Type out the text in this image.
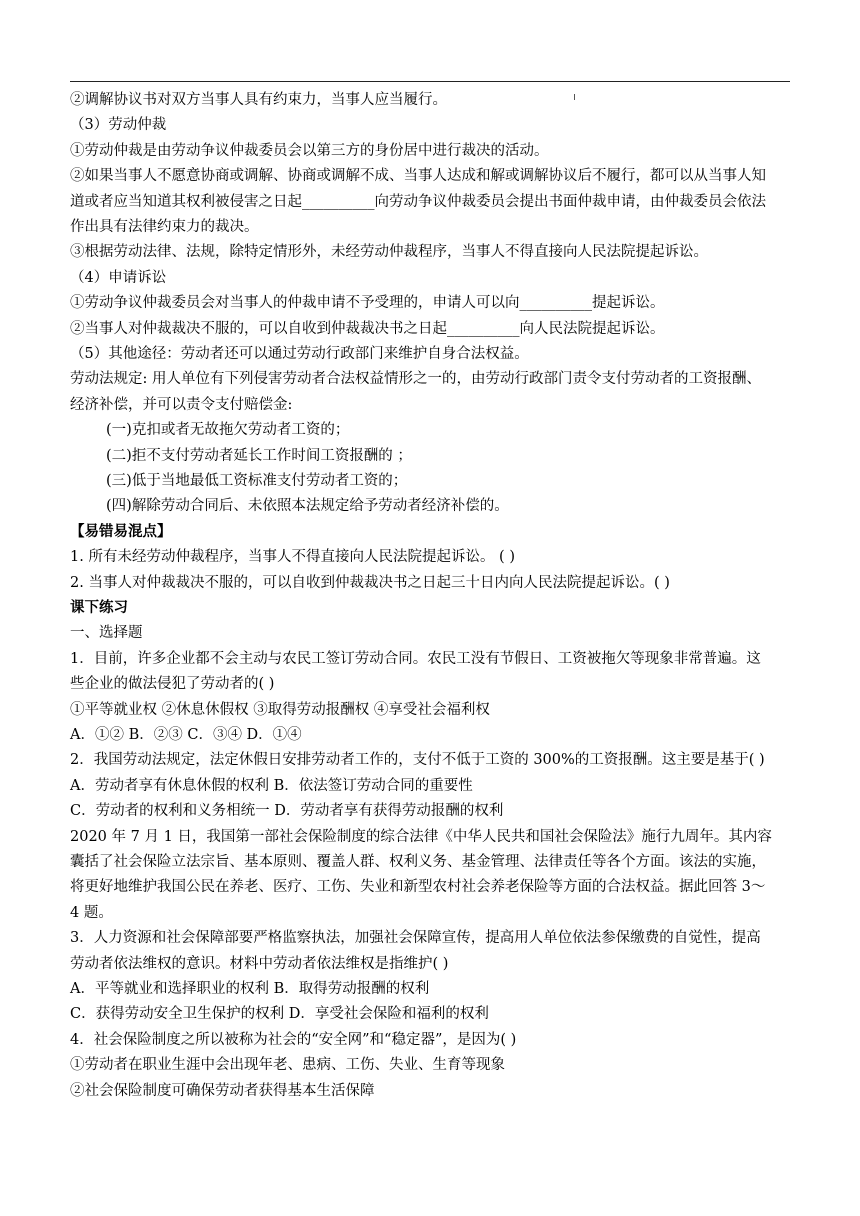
②调解协议书对双方当事人具有约束力，当事人应当履行。
（3）劳动仲裁
①劳动仲裁是由劳动争议仲裁委员会以第三方的身份居中进行裁决的活动。
②如果当事人不愿意协商或调解、协商或调解不成、当事人达成和解或调解协议后不履行，都可以从当事人知
道或者应当知道其权利被侵害之日起__________向劳动争议仲裁委员会提出书面仲裁申请，由仲裁委员会依法
作出具有法律约束力的裁决。
③根据劳动法律、法规，除特定情形外，未经劳动仲裁程序，当事人不得直接向人民法院提起诉讼。
（4）申请诉讼
①劳动争议仲裁委员会对当事人的仲裁申请不予受理的，申请人可以向__________提起诉讼。
②当事人对仲裁裁决不服的，可以自收到仲裁裁决书之日起__________向人民法院提起诉讼。
（5）其他途径：劳动者还可以通过劳动行政部门来维护自身合法权益。
劳动法规定: 用人单位有下列侵害劳动者合法权益情形之一的，由劳动行政部门责令支付劳动者的工资报酬、
经济补偿，并可以责令支付赔偿金:
(一)克扣或者无故拖欠劳动者工资的；
(二)拒不支付劳动者延长工作时间工资报酬的 ；
(三)低于当地最低工资标准支付劳动者工资的；
(四)解除劳动合同后、未依照本法规定给予劳动者经济补偿的。
【易错易混点】
1. 所有未经劳动仲裁程序，当事人不得直接向人民法院提起诉讼。 ( )
2. 当事人对仲裁裁决不服的，可以自收到仲裁裁决书之日起三十日内向人民法院提起诉讼。( )
课下练习
一、选择题
1．目前，许多企业都不会主动与农民工签订劳动合同。农民工没有节假日、工资被拖欠等现象非常普遍。这
些企业的做法侵犯了劳动者的( )
①平等就业权 ②休息休假权 ③取得劳动报酬权 ④享受社会福利权
A．①② B．②③ C．③④ D．①④
2．我国劳动法规定，法定休假日安排劳动者工作的，支付不低于工资的 300%的工资报酬。这主要是基于( )
A．劳动者享有休息休假的权利 B．依法签订劳动合同的重要性
C．劳动者的权利和义务相统一 D．劳动者享有获得劳动报酬的权利
2020 年 7 月 1 日，我国第一部社会保险制度的综合法律《中华人民共和国社会保险法》施行九周年。其内容
囊括了社会保险立法宗旨、基本原则、覆盖人群、权利义务、基金管理、法律责任等各个方面。该法的实施，
将更好地维护我国公民在养老、医疗、工伤、失业和新型农村社会养老保险等方面的合法权益。据此回答 3～
4 题。
3．人力资源和社会保障部要严格监察执法，加强社会保障宣传，提高用人单位依法参保缴费的自觉性，提高
劳动者依法维权的意识。材料中劳动者依法维权是指维护( )
A．平等就业和选择职业的权利 B．取得劳动报酬的权利
C．获得劳动安全卫生保护的权利 D．享受社会保险和福利的权利
4．社会保险制度之所以被称为社会的“安全网”和“稳定器”，是因为( )
①劳动者在职业生涯中会出现年老、患病、工伤、失业、生育等现象
②社会保险制度可确保劳动者获得基本生活保障
